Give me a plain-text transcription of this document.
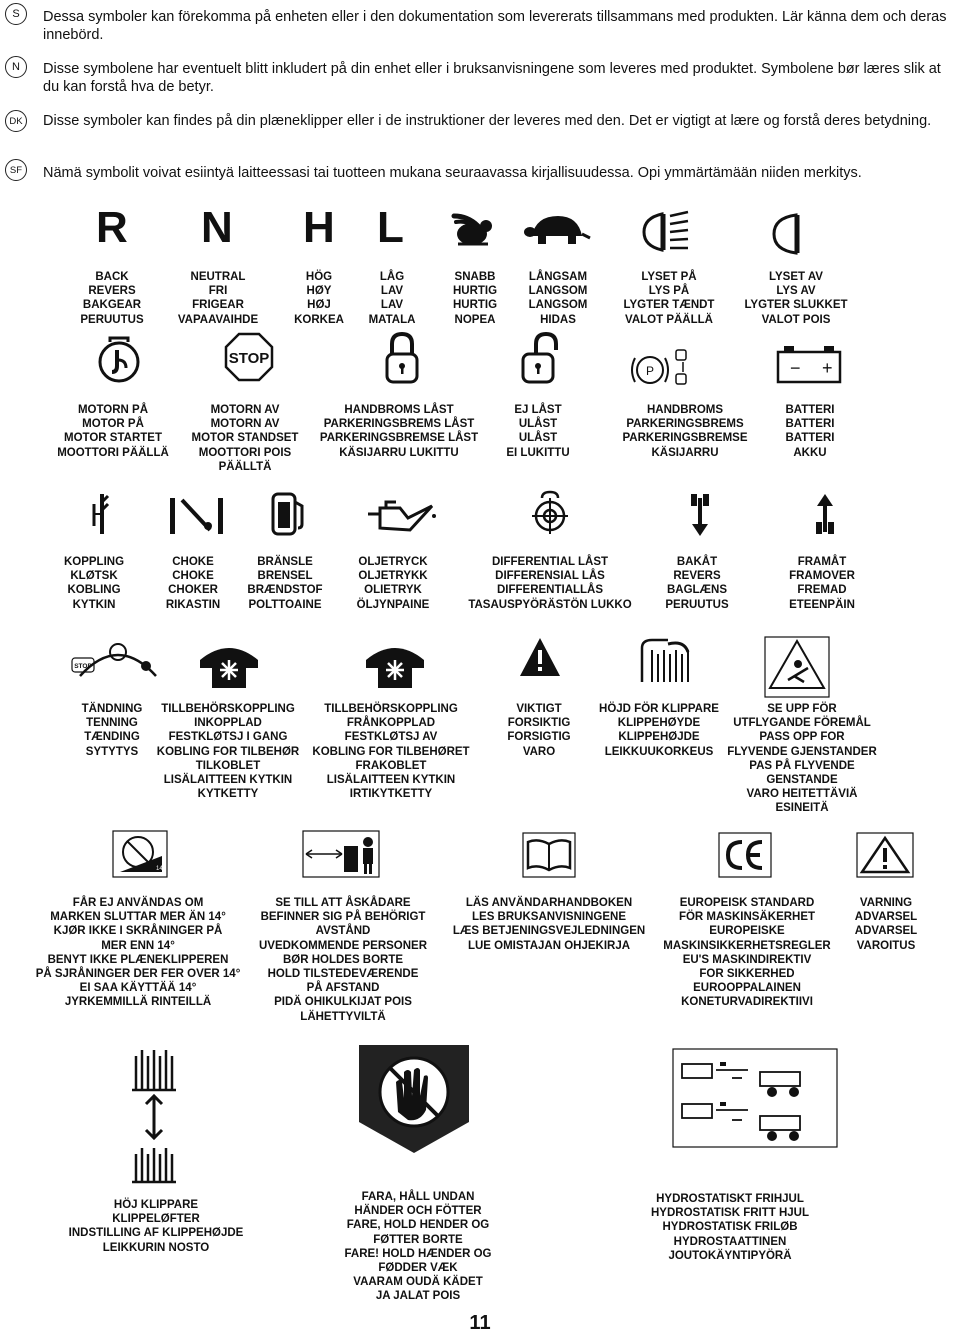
S	Dessa symboler kan förekomma på enheten eller i den dokumentation som levererats tillsammans med produkten. Lär känna dem och deras innebörd.
N	Disse symbolene har eventuelt blitt inkludert på din enhet eller i bruksanvisningene som leveres med produktet. Symbolene bør læres slik at du kan forstå hva de betyr.
DK	Disse symboler kan findes på din plæneklipper eller i de instruktioner der leveres med den. Det er vigtigt at lære og forstå deres betydning.
SF	Nämä symbolit voivat esiintyä laitteessasi tai tuotteen mukana seuraavassa kirjallisuudessa. Opi ymmärtämään niiden merkitys.
R N H L
BACK
REVERS
BAKGEAR
PERUUTUS
NEUTRAL
FRI
FRIGEAR
VAPAAVAIHDE
HÖG
HØY
HØJ
KORKEA
LÅG
LAV
LAV
MATALA
SNABB
HURTIG
HURTIG
NOPEA
LÅNGSAM
LANGSOM
LANGSOM
HIDAS
LYSET PÅ
LYS PÅ
LYGTER TÆNDT
VALOT PÄÄLLÄ
LYSET AV
LYS AV
LYGTER SLUKKET
VALOT POIS
STOP
P	− +
MOTORN PÅ
MOTOR PÅ
MOTOR STARTET
MOOTTORI PÄÄLLÄ
MOTORN AV
MOTORN AV
MOTOR STANDSET
MOOTTORI POIS
PÄÄLLTÄ
HANDBROMS LÅST
PARKERINGSBREMS LÅST
PARKERINGSBREMSE LÅST
KÄSIJARRU LUKITTU
EJ LÅST
ULÅST
ULÅST
EI LUKITTU
HANDBROMS
PARKERINGSBREMS
PARKERINGSBREMSE
KÄSIJARRU
BATTERI
BATTERI
BATTERI
AKKU
KOPPLING
KLØTSK
KOBLING
KYTKIN
CHOKE
CHOKE
CHOKER
RIKASTIN
BRÄNSLE
BRENSEL
BRÆNDSTOF
POLTTOAINE
OLJETRYCK
OLJETRYKK
OLIETRYK
ÖLJYNPAINE
DIFFERENTIAL LÅST
DIFFERENSIAL LÅS
DIFFERENTIALLÅS
TASAUSPYÖRÄSTÖN LUKKO
BAKÅT
REVERS
BAGLÆNS
PERUUTUS
FRAMÅT
FRAMOVER
FREMAD
ETEENPÄIN
STOP
TÄNDNING
TENNING
TÆNDING
SYTYTYS
TILLBEHÖRSKOPPLING
INKOPPLAD
FESTKLØTSJ I GANG
KOBLING FOR TILBEHØR
TILKOBLET
LISÄLAITTEEN KYTKIN
KYTKETTY
TILLBEHÖRSKOPPLING
FRÅNKOPPLAD
FESTKLØTSJ AV
KOBLING FOR TILBEHØRET
FRAKOBLET
LISÄLAITTEEN KYTKIN
IRTIKYTKETTY
VIKTIGT
FORSIKTIG
FORSIGTIG
VARO
HÖJD FÖR KLIPPARE
KLIPPEHØYDE
KLIPPEHØJDE
LEIKKUUKORKEUS
SE UPP FÖR
UTFLYGANDE FÖREMÅL
PASS OPP FOR
FLYVENDE GJENSTANDER
PAS PÅ FLYVENDE
GENSTANDE
VARO HEITETTÄVIÄ
ESINEITÄ
14
FÅR EJ ANVÄNDAS OM
MARKEN SLUTTAR MER ÄN 14°
KJØR IKKE I SKRÅNINGER PÅ
MER ENN 14°
BENYT IKKE PLÆNEKLIPPEREN
PÅ SJRÅNINGER DER FER OVER 14°
EI SAA KÄYTTÄÄ 14°
JYRKEMMILLÄ RINTEILLÄ
SE TILL ATT ÅSKÅDARE
BEFINNER SIG PÅ BEHÖRIGT
AVSTÅND
UVEDKOMMENDE PERSONER
BØR HOLDES BORTE
HOLD TILSTEDEVÆRENDE
PÅ AFSTAND
PIDÄ OHIKULKIJAT POIS
LÄHETTYVILTÄ
LÄS ANVÄNDARHANDBOKEN
LES BRUKSANVISNINGENE
LÆS BETJENINGSVEJLEDNINGEN
LUE OMISTAJAN OHJEKIRJA
EUROPEISK STANDARD
FÖR MASKINSÄKERHET
EUROPEISKE
MASKINSIKKERHETSREGLER
EU'S MASKINDIREKTIV
FOR SIKKERHED
EUROOPPALAINEN
KONETURVADIREKTIIVI
VARNING
ADVARSEL
ADVARSEL
VAROITUS
HÖJ KLIPPARE
KLIPPELØFTER
INDSTILLING AF KLIPPEHØJDE
LEIKKURIN NOSTO
FARA, HÅLL UNDAN
HÄNDER OCH FÖTTER
FARE, HOLD HENDER OG
FØTTER BORTE
FARE! HOLD HÆNDER OG
FØDDER VÆK
VAARAM OUDÄ KÄDET
JA JALAT POIS
HYDROSTATISKT FRIHJUL
HYDROSTATISK FRITT HJUL
HYDROSTATISK FRILØB
HYDROSTAATTINEN
JOUTOKÄYNTIPYÖRÄ
11
